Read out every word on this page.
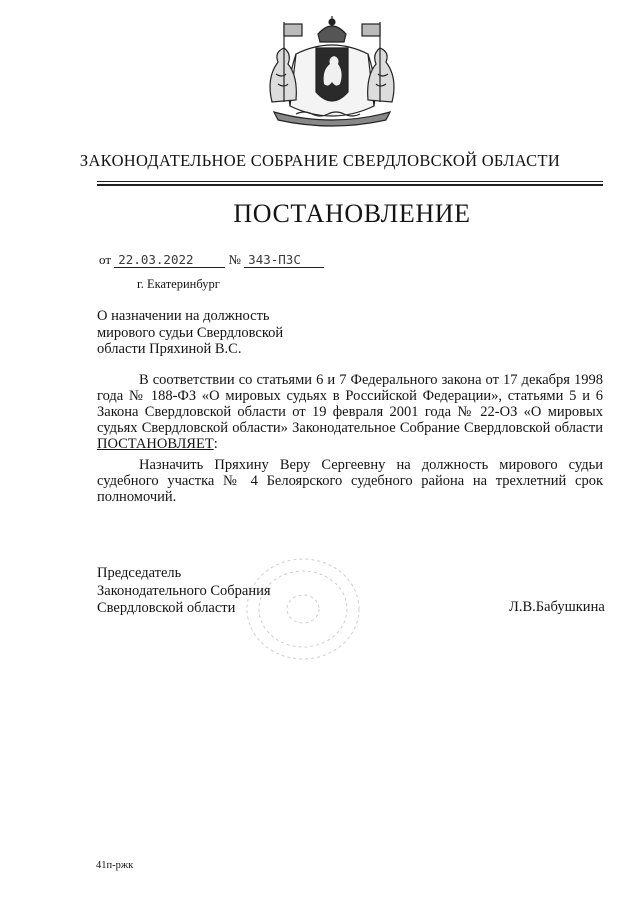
ЗАКОНОДАТЕЛЬНОЕ СОБРАНИЕ СВЕРДЛОВСКОЙ ОБЛАСТИ
ПОСТАНОВЛЕНИЕ
от 22.03.2022	№ 343-ПЗС
г. Екатеринбург
О назначении на должность
мирового судьи Свердловской
области Пряхиной В.С.

В соответствии со статьями 6 и 7 Федерального закона от 17 декабря 1998 года № 188-ФЗ «О мировых судьях в Российской Федерации», статьями 5 и 6 Закона Свердловской области от 19 февраля 2001 года № 22-ОЗ «О мировых судьях Свердловской области» Законодательное Собрание Свердловской области ПОСТАНОВЛЯЕТ:

Назначить Пряхину Веру Сергеевну на должность мирового судьи судебного участка № 4 Белоярского судебного района на трехлетний срок полномочий.

Председатель
Законодательного Собрания
Свердловской области	Л.В.Бабушкина
41п-ржк
